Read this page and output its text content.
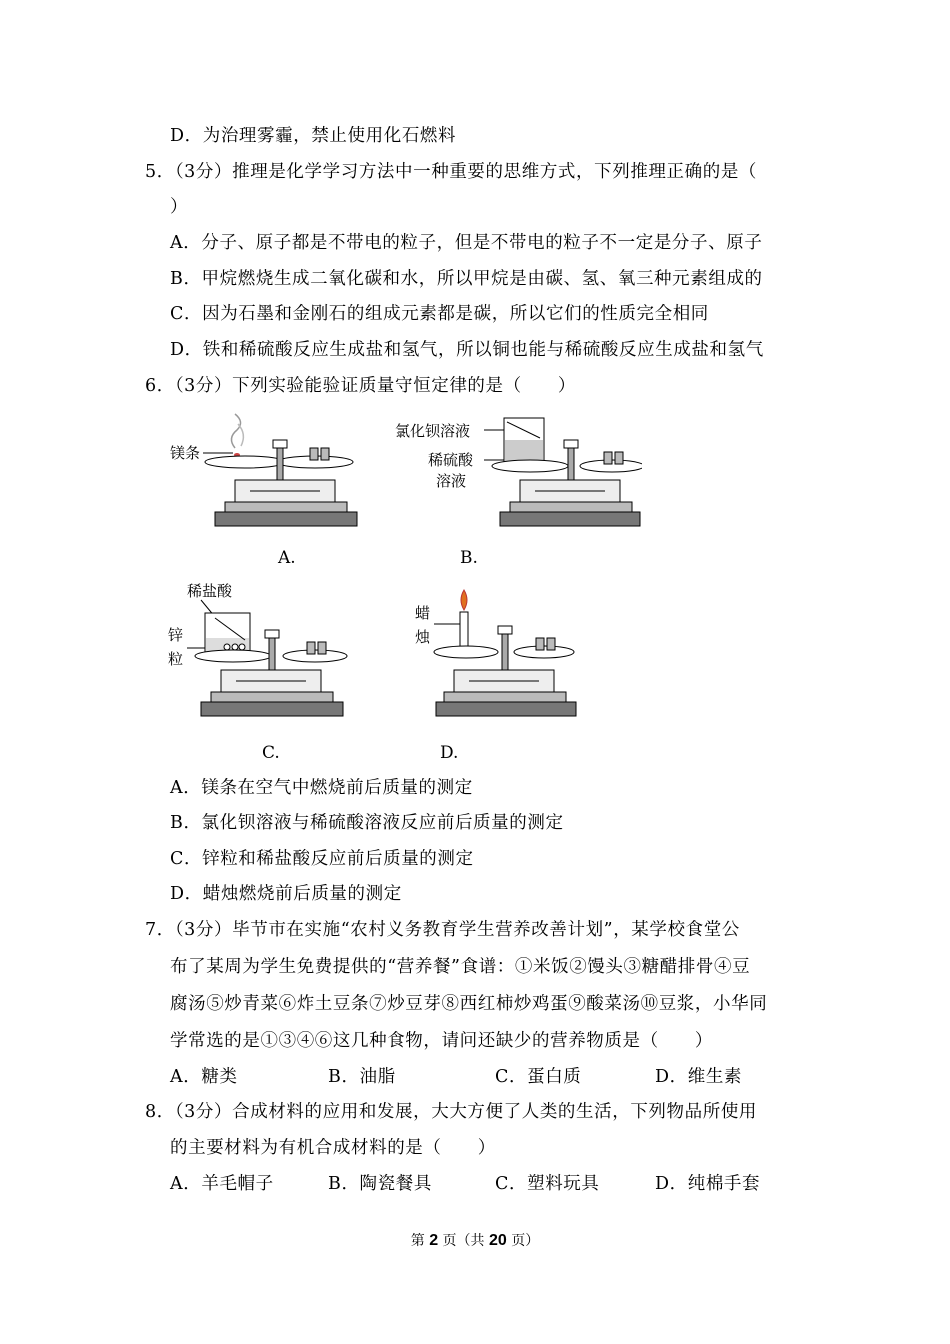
D．为治理雾霾，禁止使用化石燃料
5．（3分）推理是化学学习方法中一种重要的思维方式，下列推理正确的是（
）
A．分子、原子都是不带电的粒子，但是不带电的粒子不一定是分子、原子
B．甲烷燃烧生成二氧化碳和水，所以甲烷是由碳、氢、氧三种元素组成的
C．因为石墨和金刚石的组成元素都是碳，所以它们的性质完全相同
D．铁和稀硫酸反应生成盐和氢气，所以铜也能与稀硫酸反应生成盐和氢气
6．（3分）下列实验能验证质量守恒定律的是（　　）
镁条
A.
氯化钡溶液
稀硫酸
溶液
B.
稀盐酸
锌
粒
C.
蜡
烛
D.
A．镁条在空气中燃烧前后质量的测定
B．氯化钡溶液与稀硫酸溶液反应前后质量的测定
C．锌粒和稀盐酸反应前后质量的测定
D．蜡烛燃烧前后质量的测定
7．（3分）毕节市在实施“农村义务教育学生营养改善计划”，某学校食堂公
布了某周为学生免费提供的“营养餐”食谱：①米饭②馒头③糖醋排骨④豆
腐汤⑤炒青菜⑥炸土豆条⑦炒豆芽⑧西红柿炒鸡蛋⑨酸菜汤⑩豆浆，小华同
学常选的是①③④⑥这几种食物，请问还缺少的营养物质是（　　）
A．糖类	B．油脂	C．蛋白质	D．维生素
8．（3分）合成材料的应用和发展，大大方便了人类的生活，下列物品所使用
的主要材料为有机合成材料的是（　　）
A．羊毛帽子	B．陶瓷餐具	C．塑料玩具	D．纯棉手套
第 2 页（共 20 页）
